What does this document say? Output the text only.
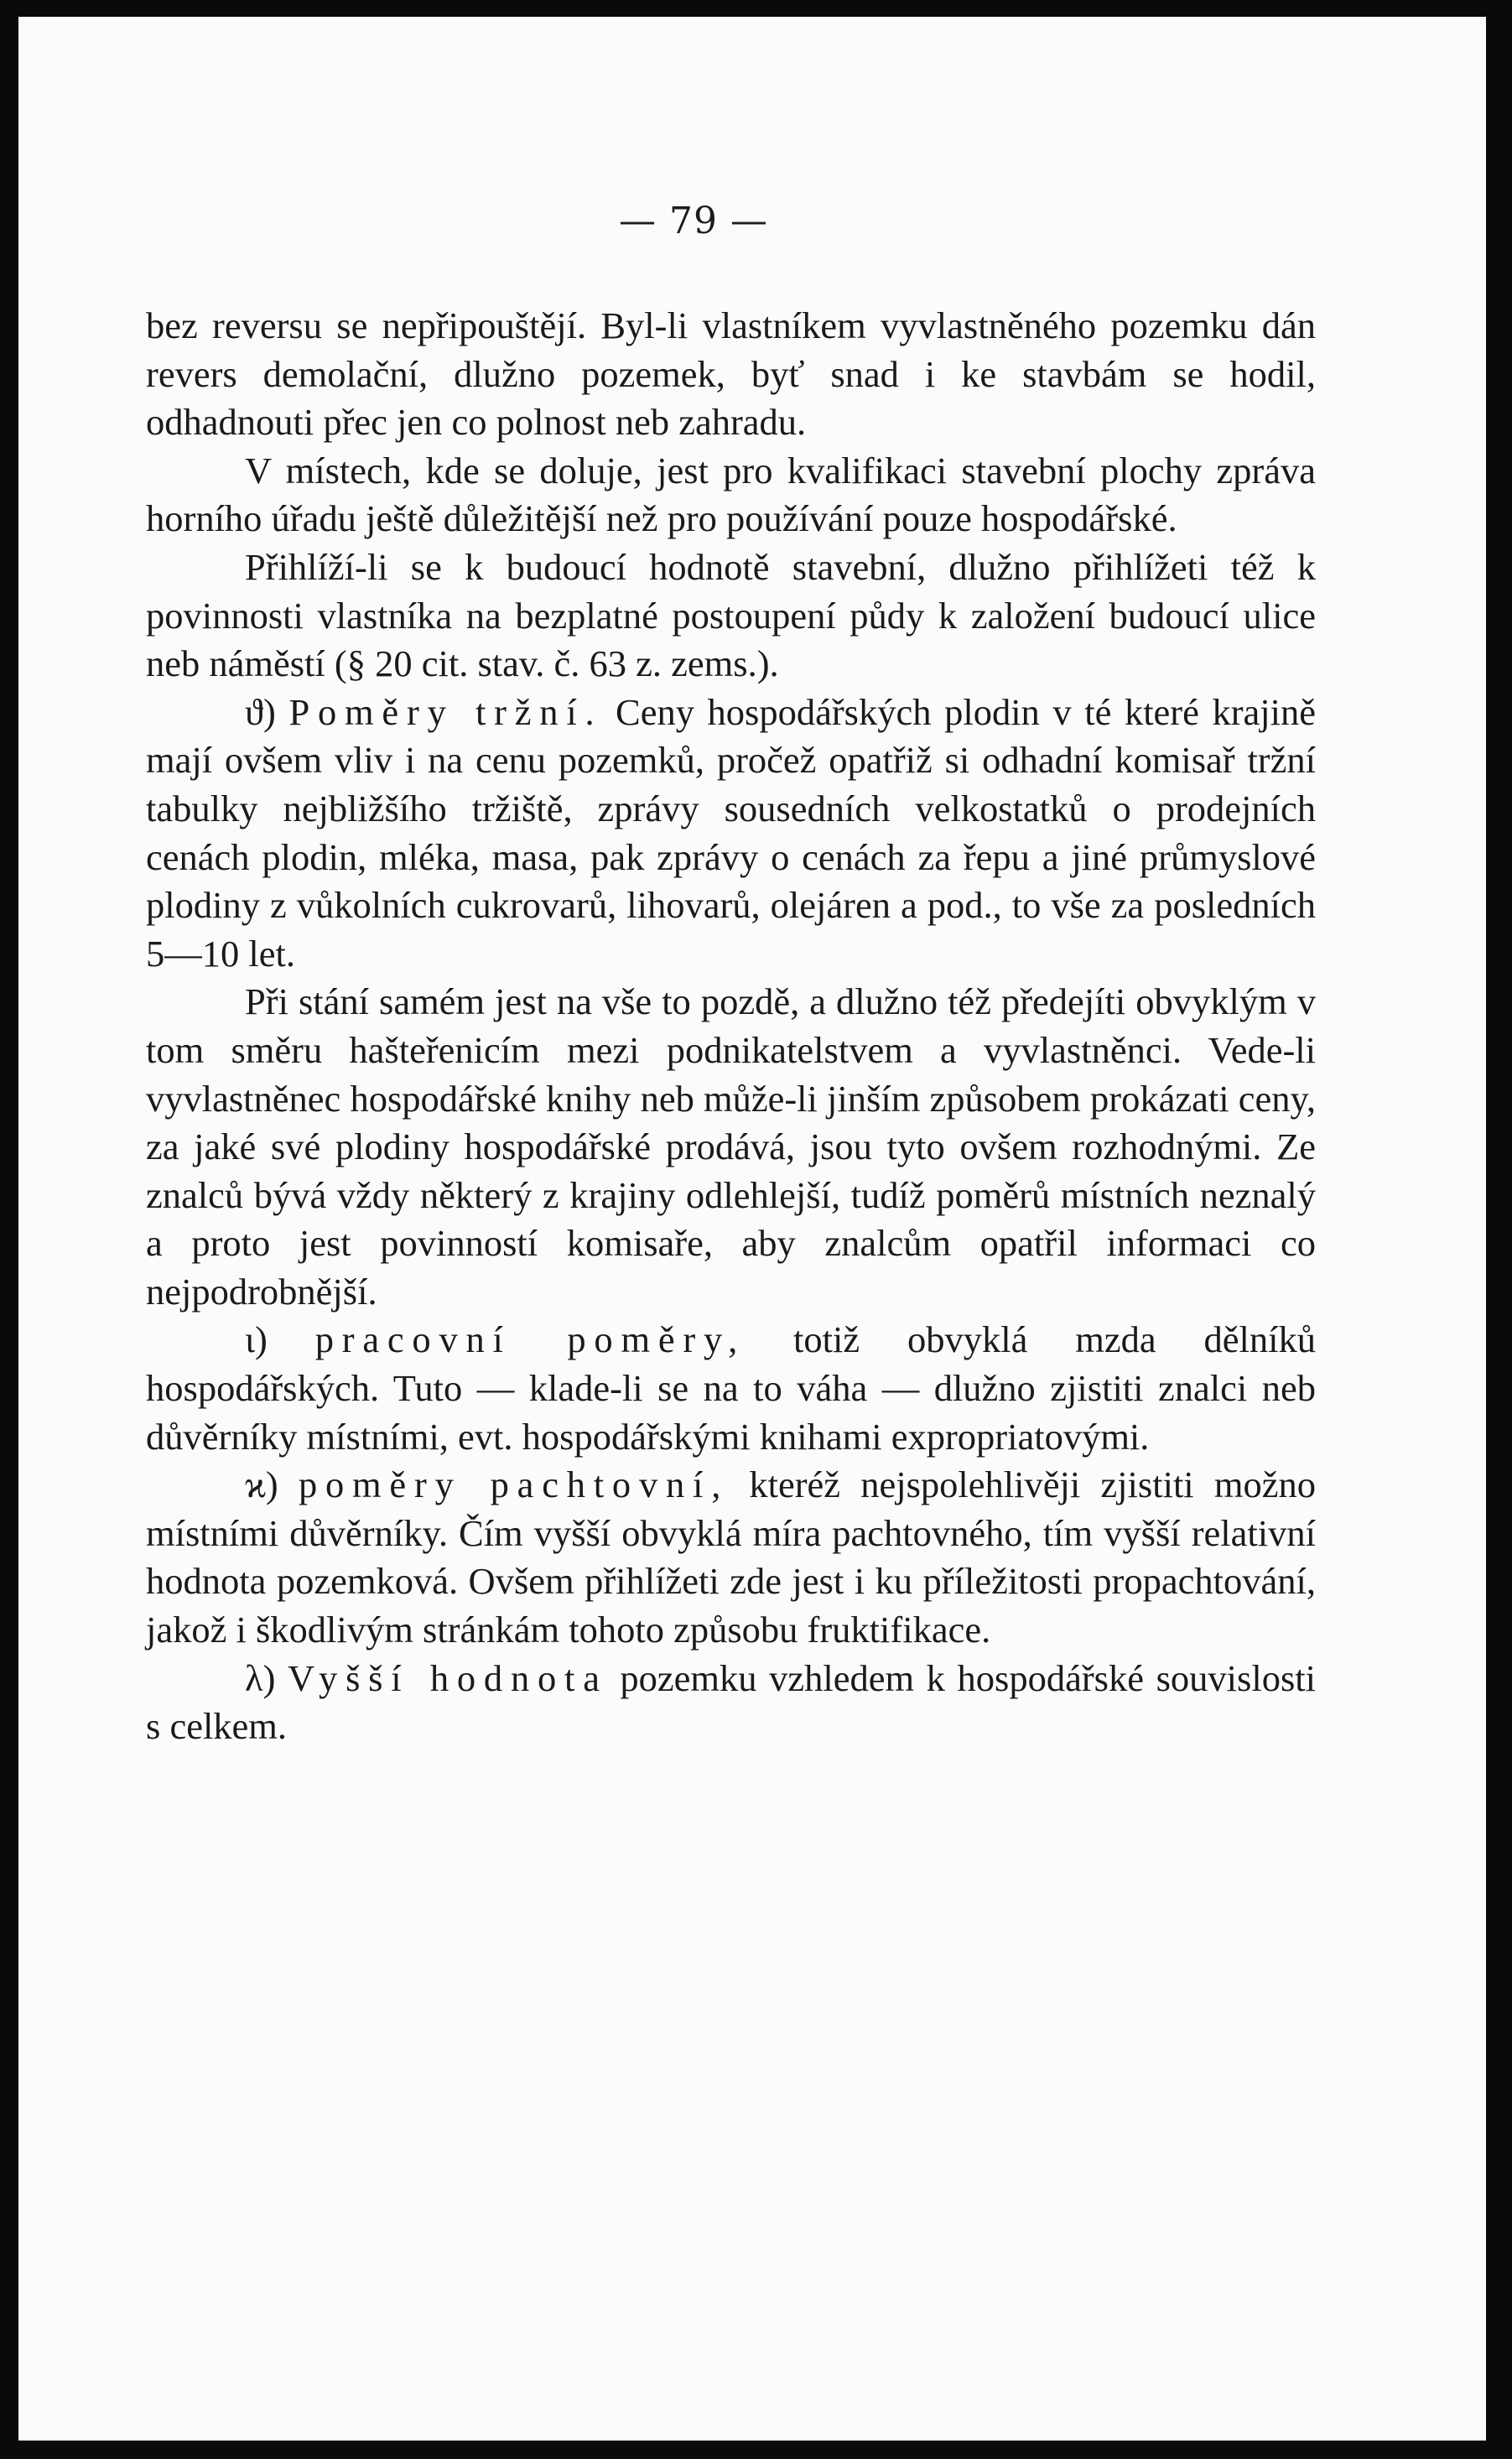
— 79 —

bez reversu se nepřipouštějí. Byl-li vlastníkem vyvlastněného pozemku dán revers demolační, dlužno pozemek, byť snad i ke stavbám se hodil, odhadnouti přec jen co polnost neb zahradu.

V místech, kde se doluje, jest pro kvalifikaci stavební plochy zpráva horního úřadu ještě důležitější než pro používání pouze hospodářské.

Přihlíží-li se k budoucí hodnotě stavební, dlužno přihlížeti též k povinnosti vlastníka na bezplatné postoupení půdy k založení budoucí ulice neb náměstí (§ 20 cit. stav. č. 63 z. zems.).

ϑ) Poměry tržní. Ceny hospodářských plodin v té které krajině mají ovšem vliv i na cenu pozemků, pročež opatřiž si odhadní komisař tržní tabulky nejbližšího tržiště, zprávy sousedních velkostatků o prodejních cenách plodin, mléka, masa, pak zprávy o cenách za řepu a jiné průmyslové plodiny z vůkolních cukrovarů, lihovarů, olejáren a pod., to vše za posledních 5—10 let.

Při stání samém jest na vše to pozdě, a dlužno též předejíti obvyklým v tom směru hašteřenicím mezi podnikatelstvem a vyvlastněnci. Vede-li vyvlastněnec hospodářské knihy neb může-li jinším způsobem prokázati ceny, za jaké své plodiny hospodářské prodává, jsou tyto ovšem rozhodnými. Ze znalců bývá vždy některý z krajiny odlehlejší, tudíž poměrů místních neznalý a proto jest povinností komisaře, aby znalcům opatřil informaci co nejpodrobnější.

ι) pracovní poměry, totiž obvyklá mzda dělníků hospodářských. Tuto — klade-li se na to váha — dlužno zjistiti znalci neb důvěrníky místními, evt. hospodářskými knihami expropriatovými.

ϰ) poměry pachtovní, kteréž nejspolehlivěji zjistiti možno místními důvěrníky. Čím vyšší obvyklá míra pachtovného, tím vyšší relativní hodnota pozemková. Ovšem přihlížeti zde jest i ku příležitosti propachtování, jakož i škodlivým stránkám tohoto způsobu fruktifikace.

λ) Vyšší hodnota pozemku vzhledem k hospodářské souvislosti s celkem.
